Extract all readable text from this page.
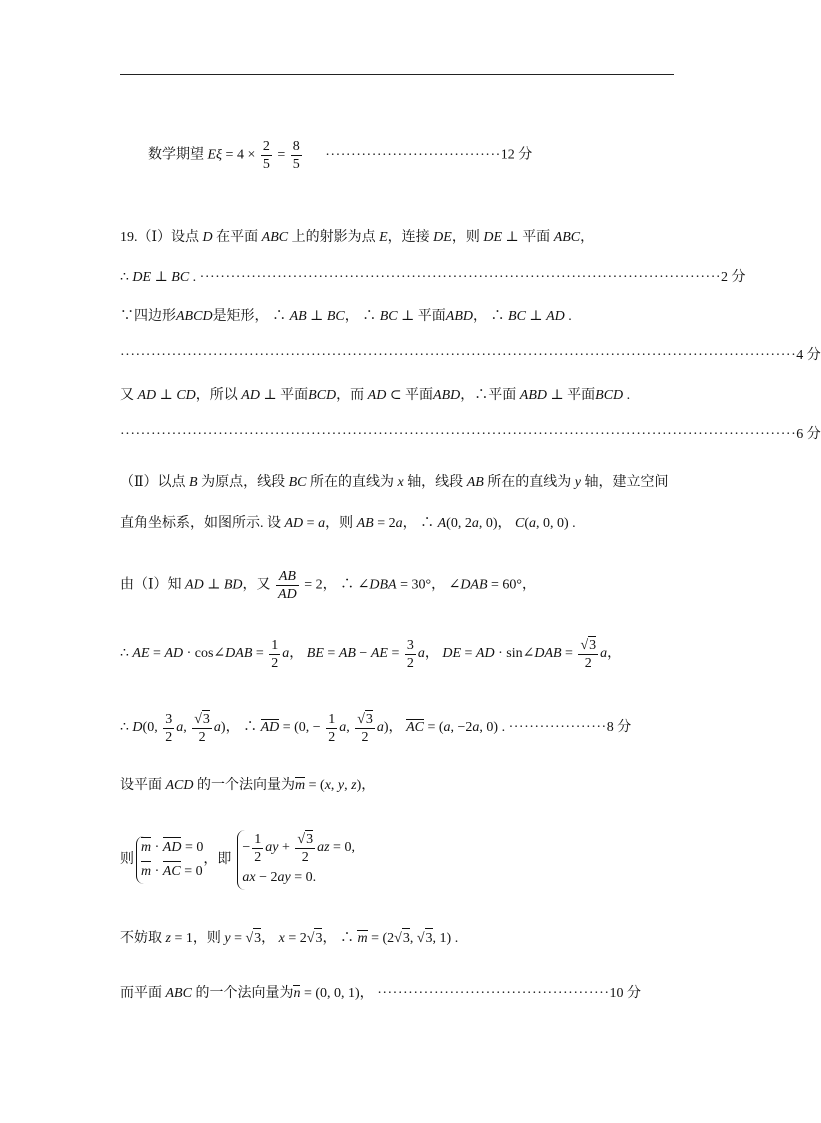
数学期望 $E\xi = 4 \times \frac{2}{5} = \frac{8}{5} \cdot\cdot\cdot\cdot\cdot\cdot\cdot\cdot\cdot\cdot\cdot\cdot\cdot\cdot\cdot\cdot\cdot\cdot\cdot\cdot\cdot\cdot\cdot\cdot\cdot\cdot\cdot\cdot\cdot\cdot\cdot\cdot\cdot\cdot 12$ 分
19.（Ⅰ）设点 D 在平面 ABC 上的射影为点 E，连接 DE，则 DE ⊥ 平面 ABC，
∴ DE ⊥ BC . ·····································································································2 分
∵四边形ABCD是矩形， ∴ AB ⊥ BC， ∴ BC ⊥ 平面ABD， ∴ BC ⊥ AD .
···································································································································4 分
又 AD ⊥ CD，所以 AD ⊥ 平面BCD，而 AD ⊂ 平面ABD，∴平面 ABD ⊥ 平面BCD .
···································································································································6 分
（Ⅱ）以点 B 为原点，线段 BC 所在的直线为 x 轴，线段 AB 所在的直线为 y 轴，建立空间
直角坐标系，如图所示. 设 AD = a，则 AB = 2a， ∴ A(0, 2a, 0)， C(a, 0, 0) .
由（Ⅰ）知 AD ⊥ BD，又 $\frac{AB}{AD} = 2$， ∴ ∠DBA = 30°， ∠DAB = 60°，
∴ AE = AD · cos∠DAB = $\frac{1}{2}$ a， BE = AB − AE = $\frac{3}{2}$ a， DE = AD · sin∠DAB = $\frac{√3}{2}$ a，
∴ D(0, $\frac{3}{2} a$, $\frac{√3}{2} a$)， ∴ AD = (0, − $\frac{1}{2} a$, $\frac{√3}{2} a$)， AC = (a, −2a, 0) . ···················8 分
设平面 ACD 的一个法向量为m = (x, y, z)，
则
m · AD = 0
m · AC = 0
，即
− $\frac{1}{2}$ ay + $\frac{√3}{2}$ az = 0,
ax − 2ay = 0.
不妨取 z = 1，则 y = √3， x = 2√3， ∴ m = (2√3, √3, 1) .
而平面 ABC 的一个法向量为n = (0, 0, 1)， ·············································10 分
